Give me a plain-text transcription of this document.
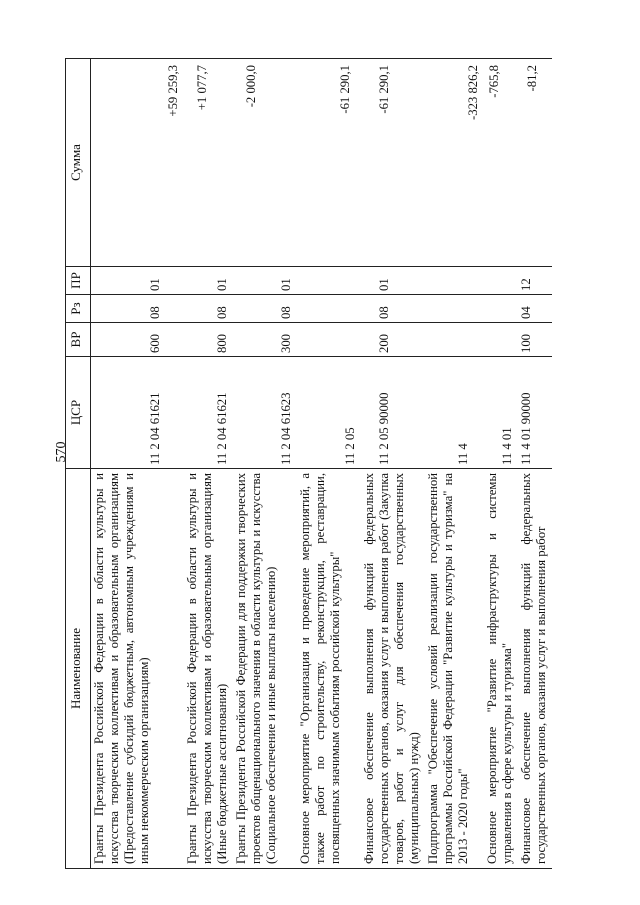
570
Наименование	ЦСР	ВР	Рз	ПР	Сумма
Гранты Президента Российской Федерации в области культуры и искусства творческим коллективам и образовательным организациям (Предоставление субсидий бюджетным, автономным учреждениям и иным некоммерческим организациям)	11 2 04 61621	600	08	01	+59 259,3
Гранты Президента Российской Федерации в области культуры и искусства творческим коллективам и образовательным организациям (Иные бюджетные ассигнования)	11 2 04 61621	800	08	01	+1 077,7
Гранты Президента Российской Федерации для поддержки творческих проектов общенационального значения в области культуры и искусства (Социальное обеспечение и иные выплаты населению)	11 2 04 61623	300	08	01	-2 000,0
Основное мероприятие "Организация и проведение мероприятий, а также работ по строительству, реконструкции, реставрации, посвященных значимым событиям российской культуры"	11 2 05				-61 290,1
Финансовое обеспечение выполнения функций федеральных государственных органов, оказания услуг и выполнения работ (Закупка товаров, работ и услуг для обеспечения государственных (муниципальных) нужд)	11 2 05 90000	200	08	01	-61 290,1
Подпрограмма "Обеспечение условий реализации государственной программы Российской Федерации "Развитие культуры и туризма" на 2013 - 2020 годы"	11 4				-323 826,2
Основное мероприятие "Развитие инфраструктуры и системы управления в сфере культуры и туризма"	11 4 01				-765,8
Финансовое обеспечение выполнения функций федеральных государственных органов, оказания услуг и выполнения работ	11 4 01 90000	100	04	12	-81,2
